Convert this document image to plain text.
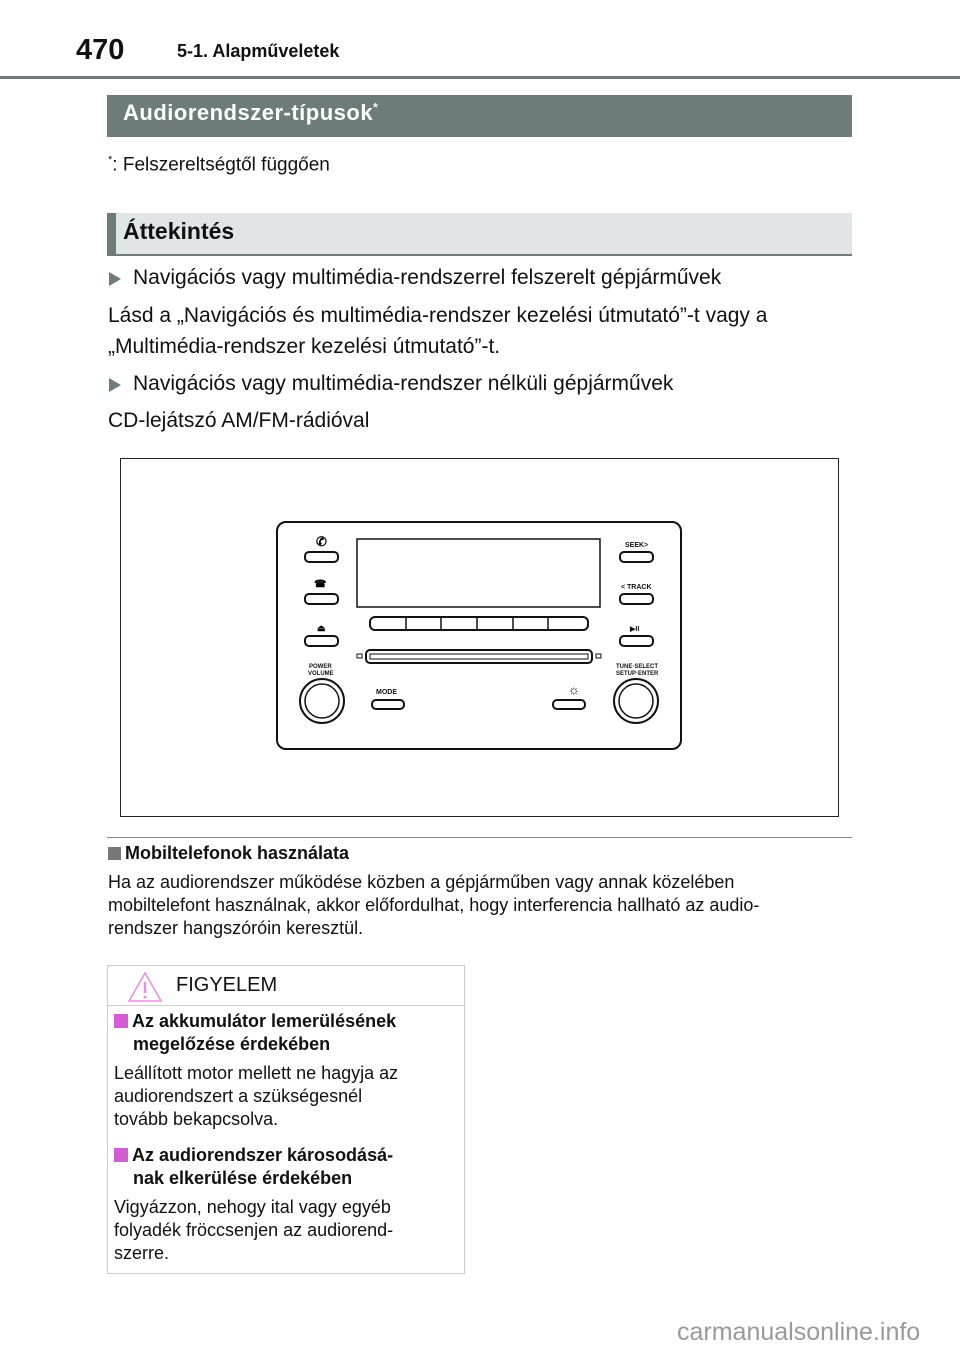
470	5-1. Alapműveletek
Audiorendszer-típusok*
*: Felszereltségtől függően
Áttekintés
Navigációs vagy multimédia-rendszerrel felszerelt gépjárművek
Lásd a „Navigációs és multimédia-rendszer kezelési útmutató”-t vagy a
„Multimédia-rendszer kezelési útmutató”-t.
Navigációs vagy multimédia-rendszer nélküli gépjárművek
CD-lejátszó AM/FM-rádióval
✆
☎
⏏
☼
SEEK>
< TRACK
▶II
POWER
VOLUME
MODE
TUNE·SELECT
SETUP·ENTER
Mobiltelefonok használata
Ha az audiorendszer működése közben a gépjárműben vagy annak közelében
mobiltelefont használnak, akkor előfordulhat, hogy interferencia hallható az audio-
rendszer hangszóróin keresztül.
FIGYELEM
Az akkumulátor lemerülésének
megelőzése érdekében
Leállított motor mellett ne hagyja az
audiorendszert a szükségesnél
tovább bekapcsolva.
Az audiorendszer károsodásá-
nak elkerülése érdekében
Vigyázzon, nehogy ital vagy egyéb
folyadék fröccsenjen az audiorend-
szerre.
carmanualsonline.info
